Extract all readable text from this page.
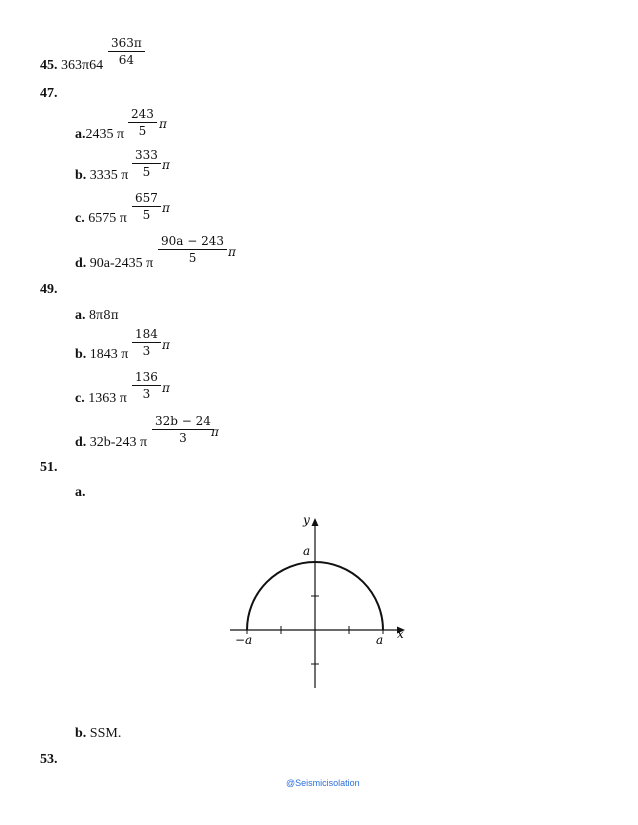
363π
64
45. 363π64
47.
243
5 π
a.2435 π
333
5 π
b. 3335 π
657
5 π
c. 6575 π
90a − 243
5	π
d. 90a-2435 π
49.
a. 8π8π
184
3 π
b. 1843 π
136
3 π
c. 1363 π
32b − 24
3 π
d. 32b-243 π
51.
a.
y
x
a
−a	a
b. SSM.
53.
@Seismicisolation
